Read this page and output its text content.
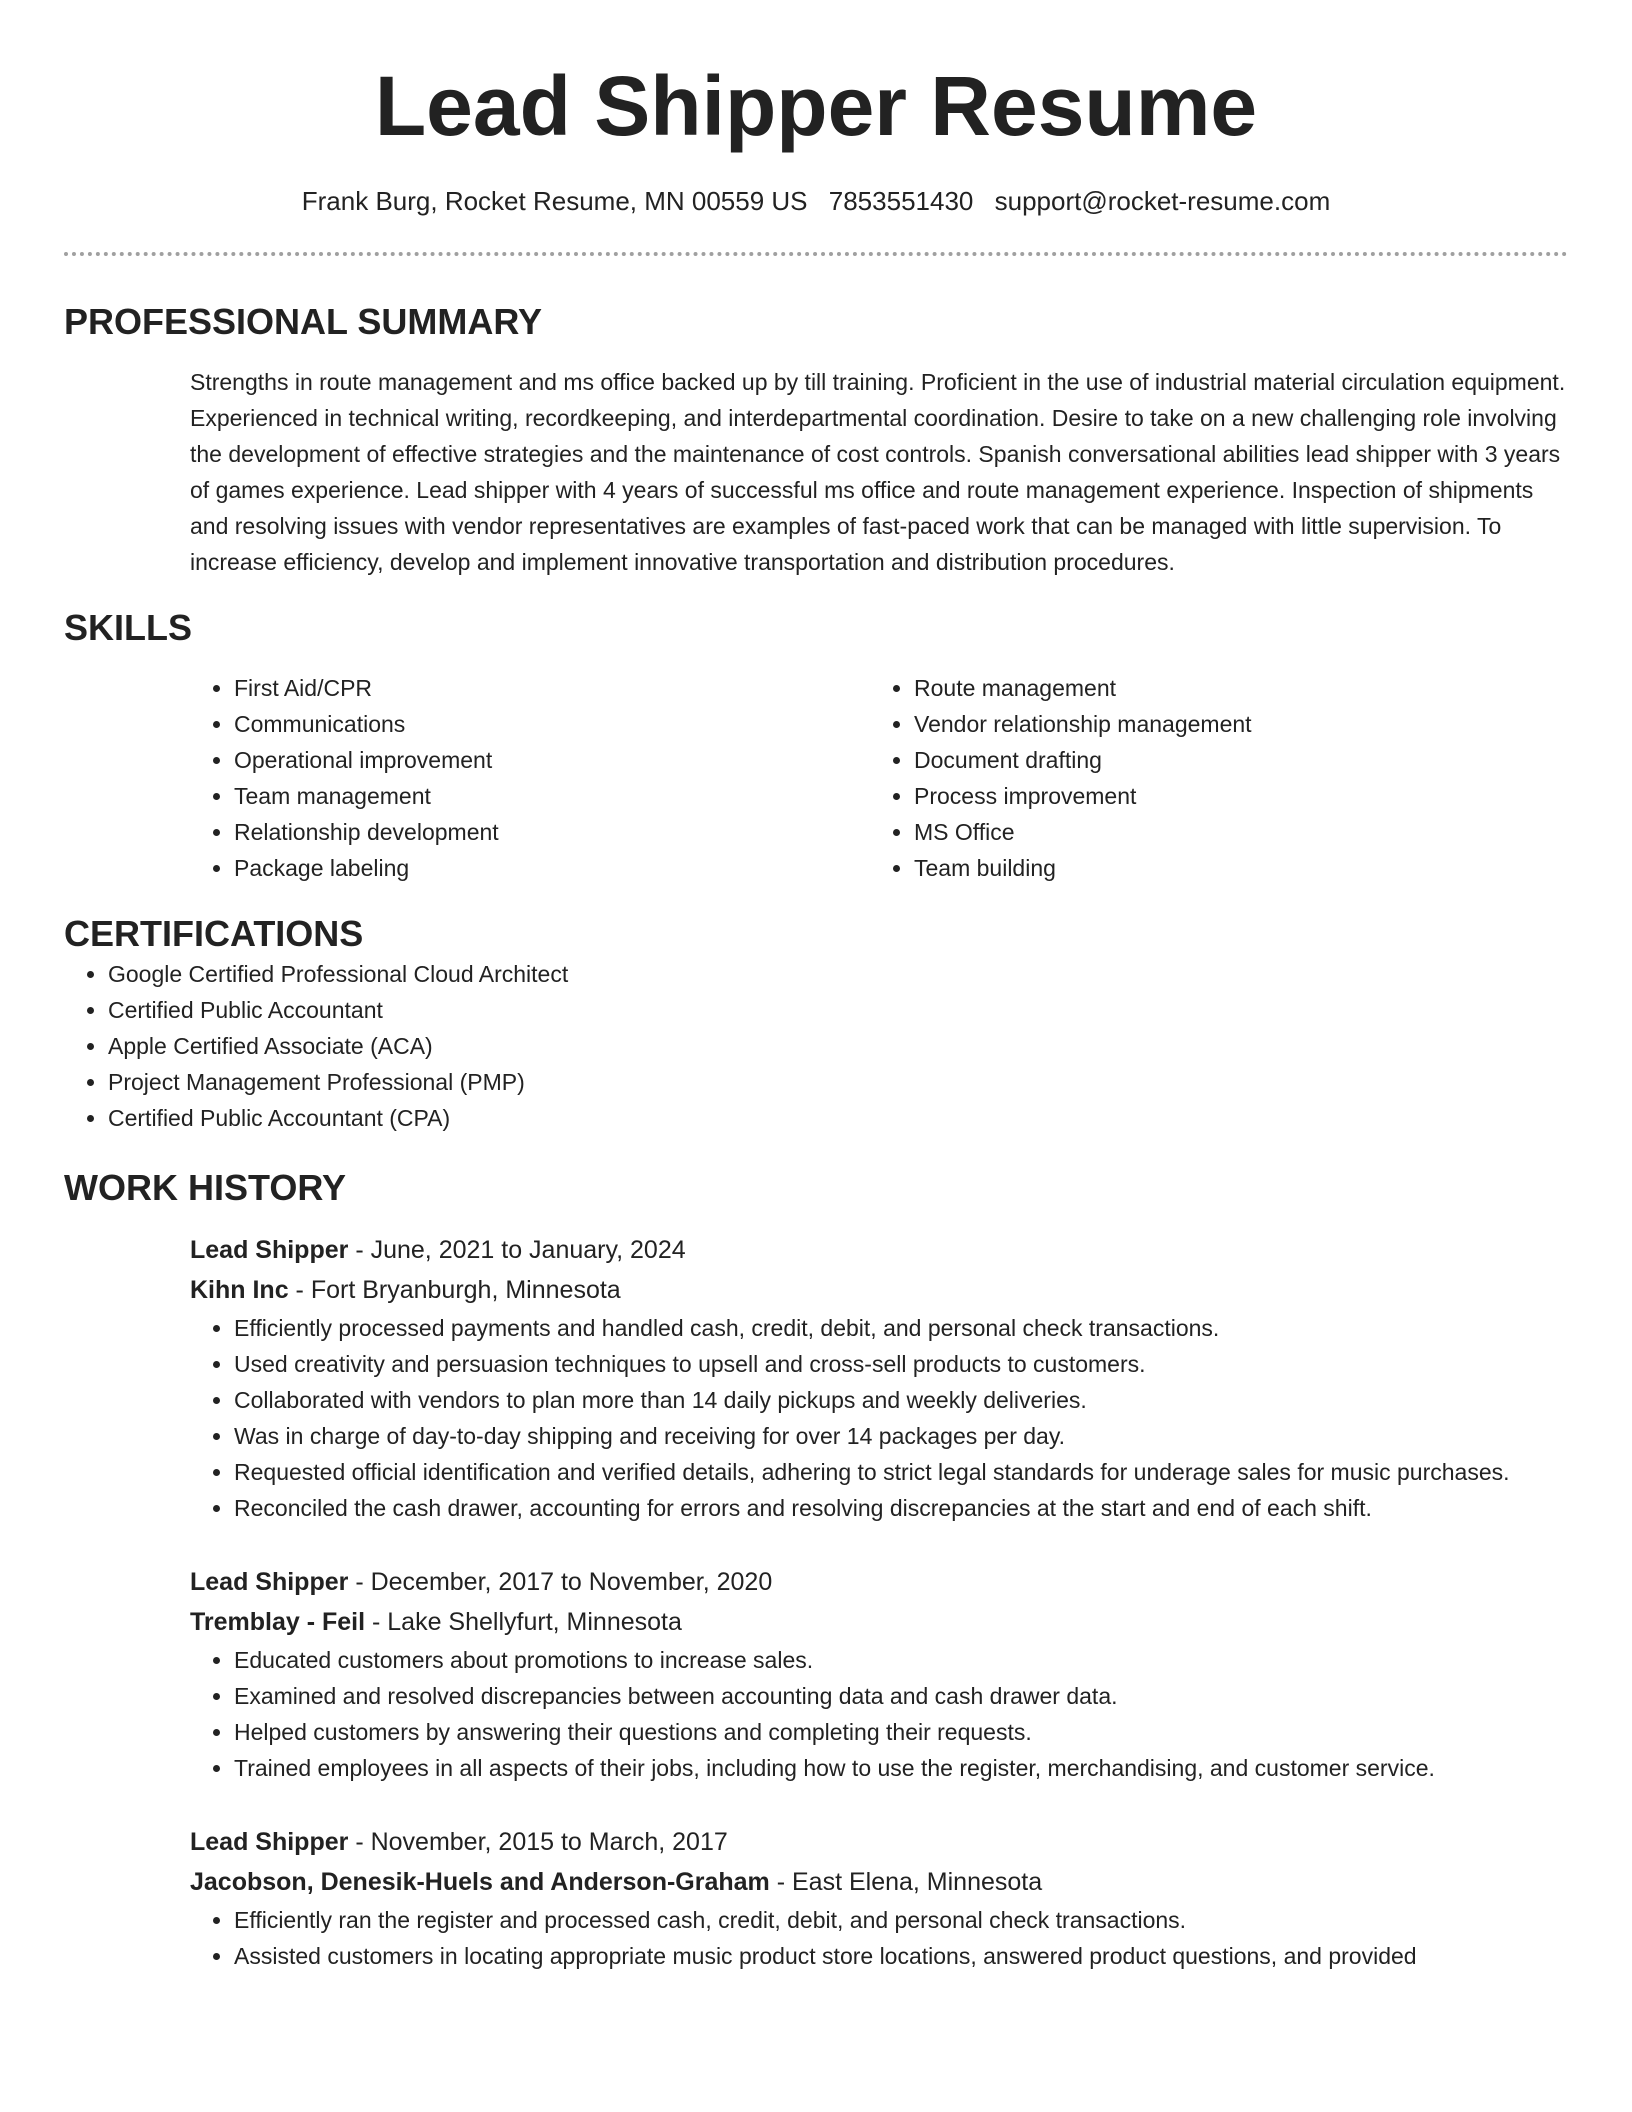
Lead Shipper Resume
Frank Burg, Rocket Resume, MN 00559 US 7853551430 support@rocket-resume.com
PROFESSIONAL SUMMARY

Strengths in route management and ms office backed up by till training. Proficient in the use of industrial material circulation equipment. Experienced in technical writing, recordkeeping, and interdepartmental coordination. Desire to take on a new challenging role involving the development of effective strategies and the maintenance of cost controls. Spanish conversational abilities lead shipper with 3 years of games experience. Lead shipper with 4 years of successful ms office and route management experience. Inspection of shipments and resolving issues with vendor representatives are examples of fast-paced work that can be managed with little supervision. To increase efficiency, develop and implement innovative transportation and distribution procedures.

SKILLS
• First Aid/CPR
• Communications
• Operational improvement
• Team management
• Relationship development
• Package labeling
• Route management
• Vendor relationship management
• Document drafting
• Process improvement
• MS Office
• Team building
CERTIFICATIONS
• Google Certified Professional Cloud Architect
• Certified Public Accountant
• Apple Certified Associate (ACA)
• Project Management Professional (PMP)
• Certified Public Accountant (CPA)
WORK HISTORY
Lead Shipper - June, 2021 to January, 2024
Kihn Inc - Fort Bryanburgh, Minnesota
• Efficiently processed payments and handled cash, credit, debit, and personal check transactions.
• Used creativity and persuasion techniques to upsell and cross-sell products to customers.
• Collaborated with vendors to plan more than 14 daily pickups and weekly deliveries.
• Was in charge of day-to-day shipping and receiving for over 14 packages per day.
• Requested official identification and verified details, adhering to strict legal standards for underage sales for music purchases.
• Reconciled the cash drawer, accounting for errors and resolving discrepancies at the start and end of each shift.
Lead Shipper - December, 2017 to November, 2020
Tremblay - Feil - Lake Shellyfurt, Minnesota
• Educated customers about promotions to increase sales.
• Examined and resolved discrepancies between accounting data and cash drawer data.
• Helped customers by answering their questions and completing their requests.
• Trained employees in all aspects of their jobs, including how to use the register, merchandising, and customer service.
Lead Shipper - November, 2015 to March, 2017
Jacobson, Denesik-Huels and Anderson-Graham - East Elena, Minnesota
• Efficiently ran the register and processed cash, credit, debit, and personal check transactions.
• Assisted customers in locating appropriate music product store locations, answered product questions, and provided
